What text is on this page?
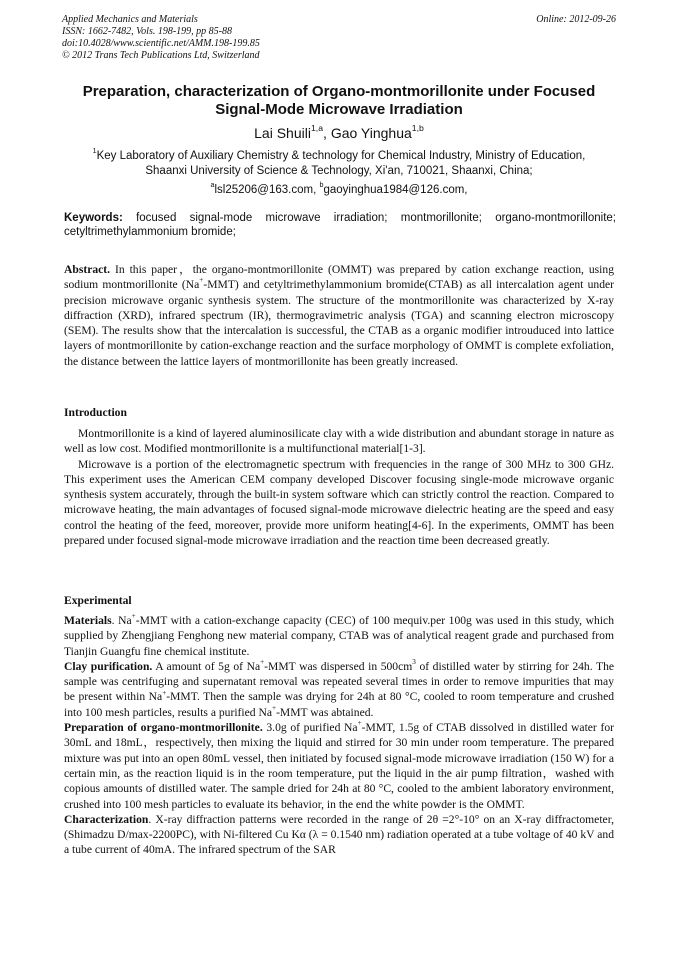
Applied Mechanics and Materials
ISSN: 1662-7482, Vols. 198-199, pp 85-88
doi:10.4028/www.scientific.net/AMM.198-199.85
© 2012 Trans Tech Publications Ltd, Switzerland
Online: 2012-09-26
Preparation, characterization of Organo-montmorillonite under Focused
Signal-Mode Microwave Irradiation
Lai Shuili$^{1,a}$, Gao Yinghua$^{1,b}$
$^1$Key Laboratory of Auxiliary Chemistry & technology for Chemical Industry, Ministry of Education,
Shaanxi University of Science & Technology, Xi'an, 710021, Shaanxi, China;
$^a$lsl25206@163.com, $^b$gaoyinghua1984@126.com,
Keywords: focused signal-mode microwave irradiation; montmorillonite; organo-montmorillonite; cetyltrimethylammonium bromide;

Abstract. In this paper，the organo-montmorillonite (OMMT) was prepared by cation exchange reaction, using sodium montmorillonite (Na+-MMT) and cetyltrimethylammonium bromide(CTAB) as all intercalation agent under precision microwave organic synthesis system. The structure of the montmorillonite was characterized by X-ray diffraction (XRD), infrared spectrum (IR), thermogravimetric analysis (TGA) and scanning electron microscopy (SEM). The results show that the intercalation is successful, the CTAB as a organic modifier introuduced into lattice layers of montmorillonite by cation-exchange reaction and the surface morphology of OMMT is complete exfoliation, the distance between the lattice layers of montmorillonite has been greatly increased.

Introduction

Montmorillonite is a kind of layered aluminosilicate clay with a wide distribution and abundant storage in nature as well as low cost. Modified montmorillonite is a multifunctional material[1-3].

Microwave is a portion of the electromagnetic spectrum with frequencies in the range of 300 MHz to 300 GHz. This experiment uses the American CEM company developed Discover focusing single-mode microwave organic synthesis system accurately, through the built-in system software which can strictly control the reaction. Compared to microwave heating, the main advantages of focused signal-mode microwave dielectric heating are the speed and easy control the heating of the feed, moreover, provide more uniform heating[4-6]. In the experiments, OMMT has been prepared under focused signal-mode microwave irradiation and the reaction time been decreased greatly.

Experimental

Materials. Na+-MMT with a cation-exchange capacity (CEC) of 100 mequiv.per 100g was used in this study, which supplied by Zhengjiang Fenghong new material company, CTAB was of analytical reagent grade and purchased from Tianjin Guangfu fine chemical institute.

Clay purification. A amount of 5g of Na+-MMT was dispersed in $500cm^3$ of distilled water by stirring for 24h. The sample was centrifuging and supernatant removal was repeated several times in order to remove impurities that may be present within Na+-MMT. Then the sample was drying for 24h at 80 °C, cooled to room temperature and crushed into 100 mesh particles, results a purified Na+-MMT was abtained.

Preparation of organo-montmorillonite. 3.0g of purified Na+-MMT, 1.5g of CTAB dissolved in distilled water for 30mL and 18mL，respectively, then mixing the liquid and stirred for 30 min under room temperature. The prepared mixture was put into an open 80mL vessel, then initiated by focused signal-mode microwave irradiation (150 W) for a certain min, as the reaction liquid is in the room temperature, put the liquid in the air pump filtration，washed with copious amounts of distilled water. The sample dried for 24h at 80 °C, cooled to the ambient laboratory environment, crushed into 100 mesh particles to evaluate its behavior, in the end the white powder is the OMMT.

Characterization. X-ray diffraction patterns were recorded in the range of 2θ =2°-10° on an X-ray diffractometer, (Shimadzu D/max-2200PC), with Ni-filtered Cu Kα (λ = 0.1540 nm) radiation operated at a tube voltage of 40 kV and a tube current of 40mA. The infrared spectrum of the SAR
